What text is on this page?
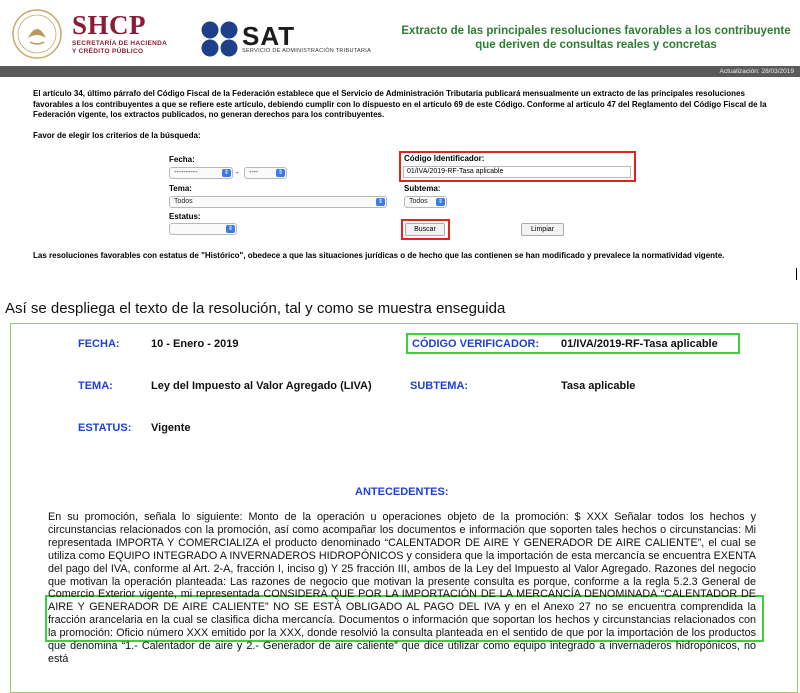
SHCP
SECRETARÍA DE HACIENDA
Y CRÉDITO PÚBLICO
SAT
SERVICIO DE ADMINISTRACIÓN TRIBUTARIA
Extracto de las principales resoluciones favorables a los contribuyente que deriven de consultas reales y concretas
Actualización: 28/03/2019
El artículo 34, último párrafo del Código Fiscal de la Federación establece que el Servicio de Administración Tributaria publicará mensualmente un extracto de las principales resoluciones favorables a los contribuyentes a que se refiere este artículo, debiendo cumplir con lo dispuesto en el artículo 69 de este Código. Conforme al artículo 47 del Reglamento del Código Fiscal de la Federación vigente, los extractos publicados, no generan derechos para los contribuyentes.
Favor de elegir los criterios de la búsqueda:
Fecha:
----------	⇕ -	----	⇕
Tema:
Todos	⇕
Estatus:
⇕
Código Identificador:
01/IVA/2019-RF-Tasa aplicable
Subtema:
Todos	⇕
Buscar	Limpiar
Las resoluciones favorables con estatus de "Histórico", obedece a que las situaciones jurídicas o de hecho que las contienen se han modificado y prevalece la normatividad vigente.
Así se despliega el texto de la resolución, tal y como se muestra enseguida
FECHA:	10 - Enero - 2019	CÓDIGO VERIFICADOR: 01/IVA/2019-RF-Tasa aplicable
TEMA:	Ley del Impuesto al Valor Agregado (LIVA)	SUBTEMA:	Tasa aplicable
ESTATUS: Vigente
ANTECEDENTES:
En su promoción, señala lo siguiente: Monto de la operación u operaciones objeto de la promoción: $ XXX Señalar todos los hechos y circunstancias relacionados con la promoción, así como acompañar los documentos e información que soporten tales hechos o circunstancias: Mi representada IMPORTA Y COMERCIALIZA el producto denominado “CALENTADOR DE AIRE Y GENERADOR DE AIRE CALIENTE”, el cual se utiliza como EQUIPO INTEGRADO A INVERNADEROS HIDROPÓNICOS y considera que la importación de esta mercancía se encuentra EXENTA del pago del IVA, conforme al Art. 2-A, fracción I, inciso g) Y 25 fracción III, ambos de la Ley del Impuesto al Valor Agregado. Razones del negocio que motivan la operación planteada: Las razones de negocio que motivan la presente consulta es porque, conforme a la regla 5.2.3 General de Comercio Exterior vigente, mi representada CONSIDERA QUE POR LA IMPORTACIÓN DE LA MERCANCÍA DENOMINADA “CALENTADOR DE AIRE Y GENERADOR DE AIRE CALIENTE” NO SE ESTÁ OBLIGADO AL PAGO DEL IVA y en el Anexo 27 no se encuentra comprendida la fracción arancelaria en la cual se clasifica dicha mercancía. Documentos o información que soportan los hechos y circunstancias relacionados con la promoción: Oficio número XXX emitido por la XXX, donde resolvió la consulta planteada en el sentido de que por la importación de los productos que denomina “1.- Calentador de aire y 2.- Generador de aire caliente” que dice utilizar como equipo integrado a invernaderos hidropónicos, no está
